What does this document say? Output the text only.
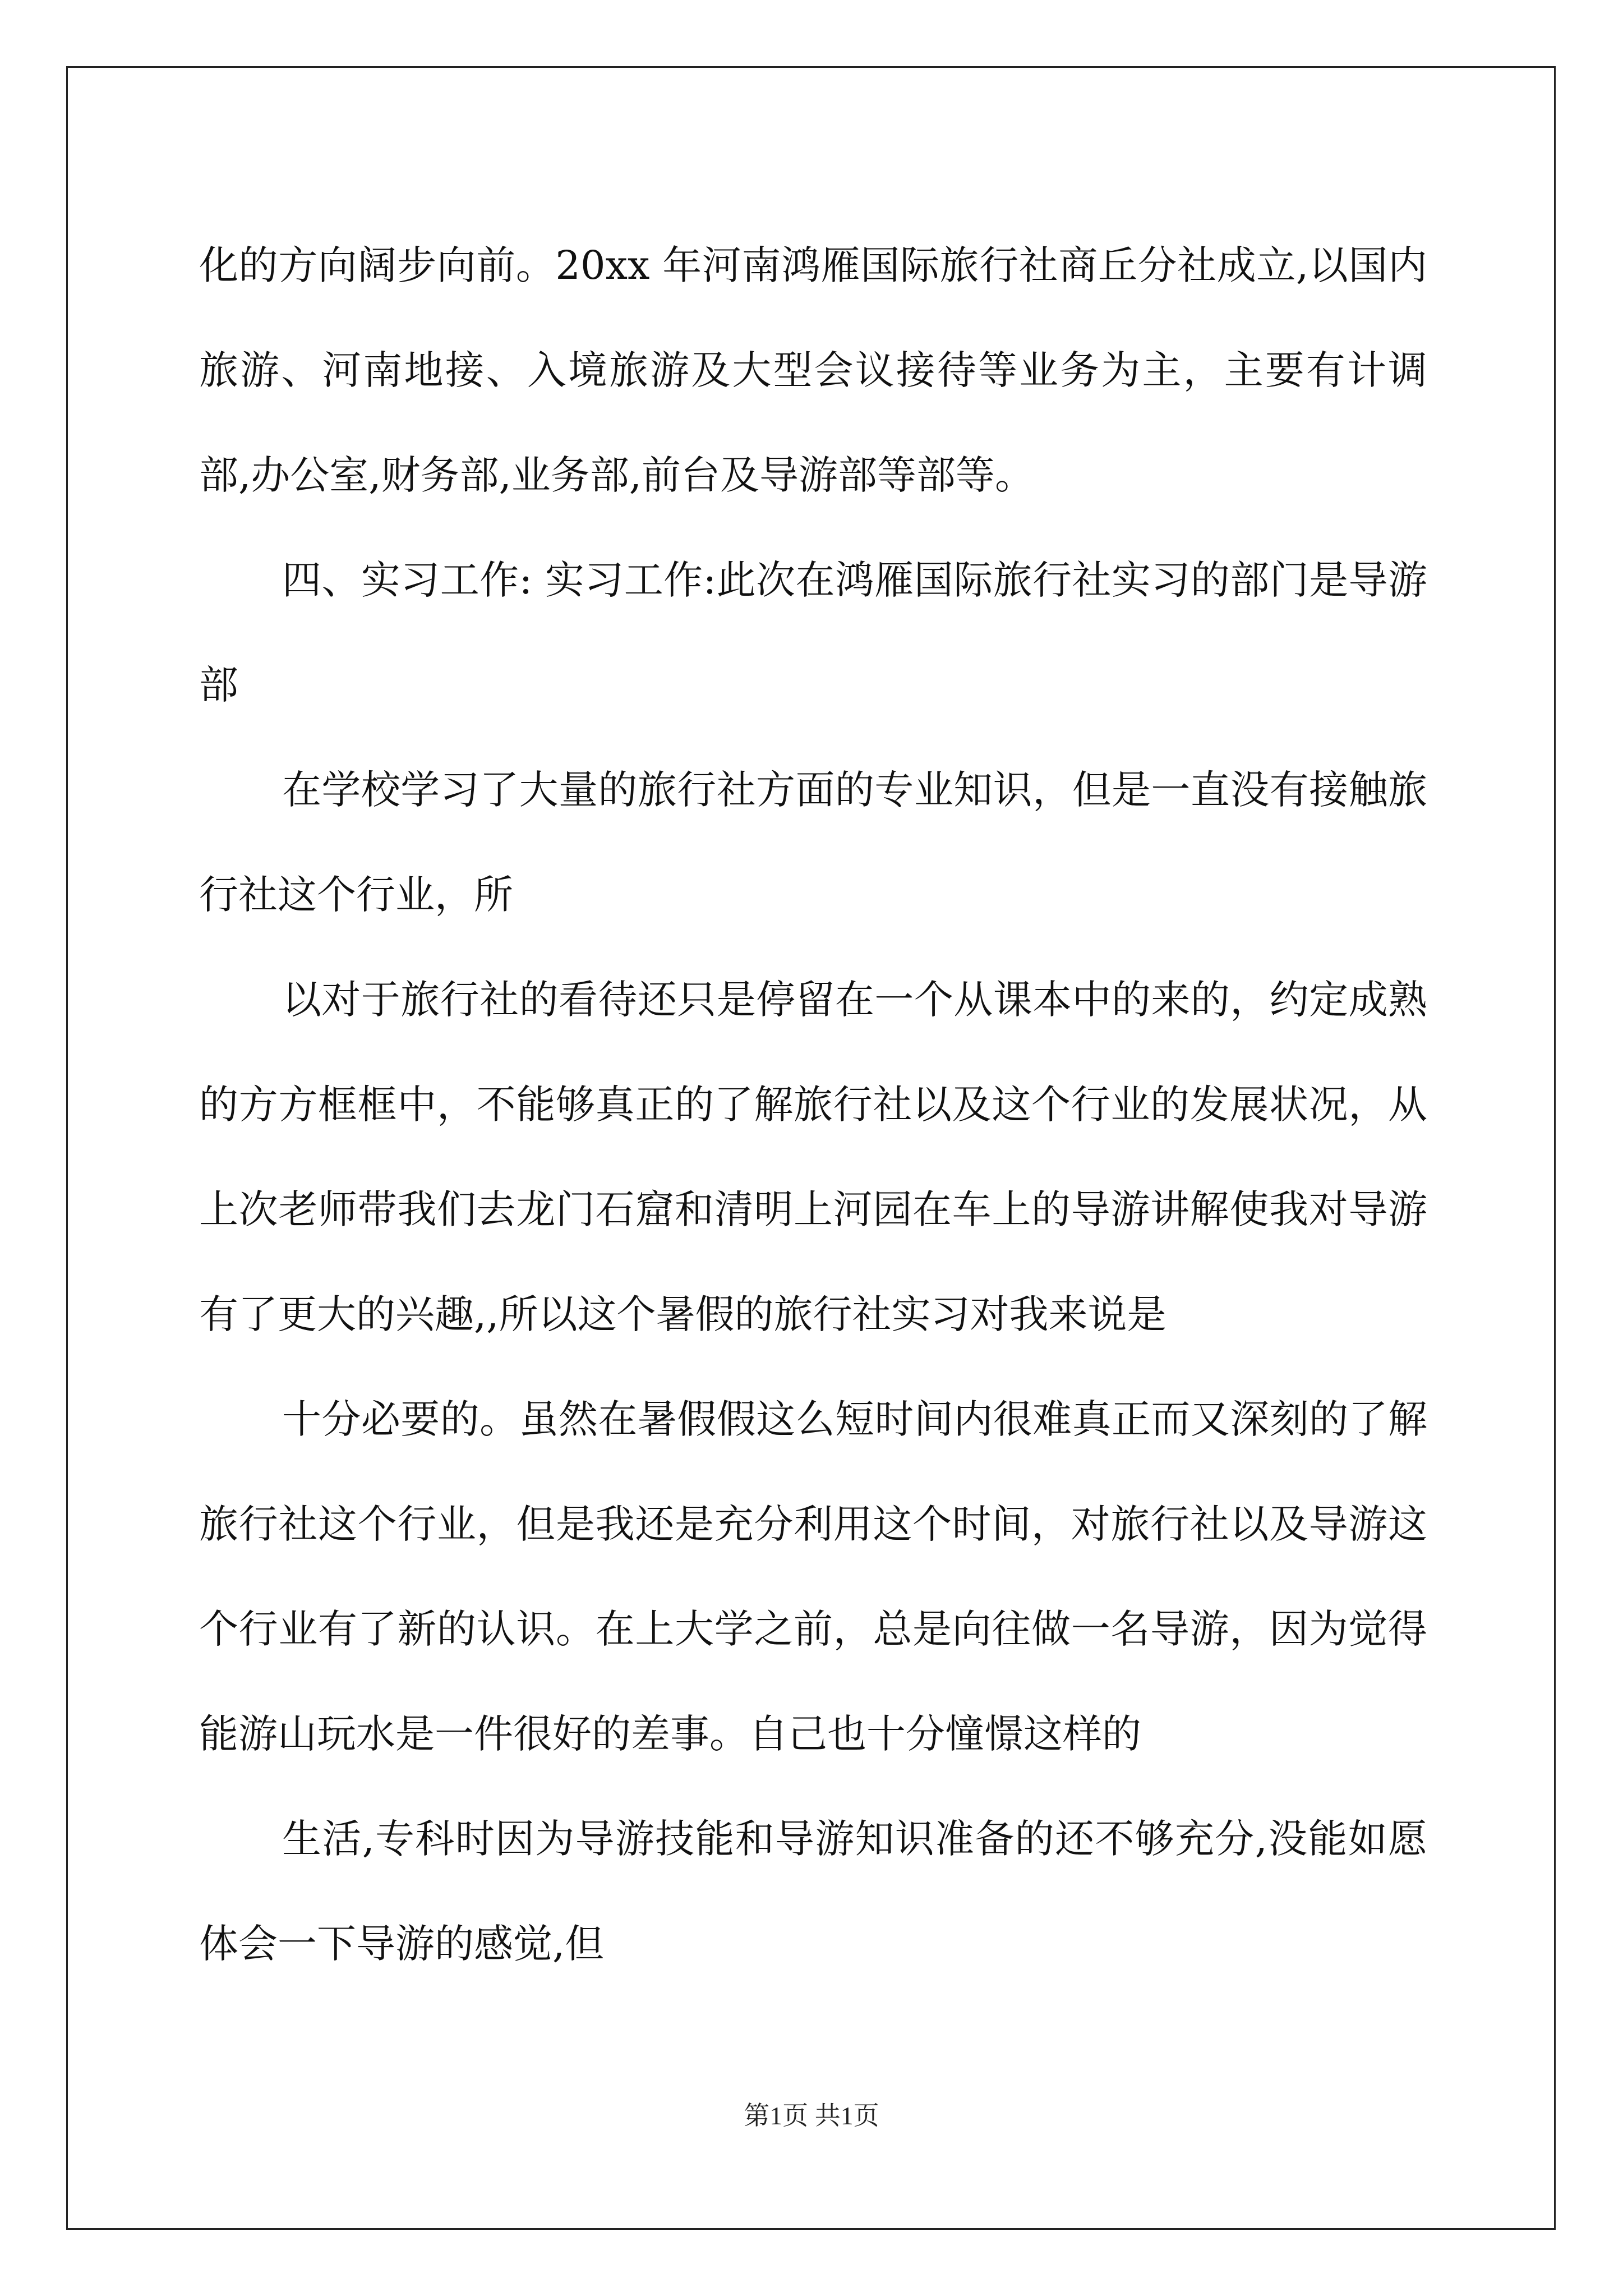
化的方向阔步向前。20xx 年河南鸿雁国际旅行社商丘分社成立,以国内旅游、河南地接、入境旅游及大型会议接待等业务为主，主要有计调部,办公室,财务部,业务部,前台及导游部等部等。

四、实习工作: 实习工作:此次在鸿雁国际旅行社实习的部门是导游部

在学校学习了大量的旅行社方面的专业知识，但是一直没有接触旅行社这个行业，所

以对于旅行社的看待还只是停留在一个从课本中的来的，约定成熟的方方框框中，不能够真正的了解旅行社以及这个行业的发展状况，从上次老师带我们去龙门石窟和清明上河园在车上的导游讲解使我对导游有了更大的兴趣,,所以这个暑假的旅行社实习对我来说是

十分必要的。虽然在暑假假这么短时间内很难真正而又深刻的了解旅行社这个行业，但是我还是充分利用这个时间，对旅行社以及导游这个行业有了新的认识。在上大学之前，总是向往做一名导游，因为觉得能游山玩水是一件很好的差事。自己也十分憧憬这样的

生活,专科时因为导游技能和导游知识准备的还不够充分,没能如愿体会一下导游的感觉,但

第1页 共1页
